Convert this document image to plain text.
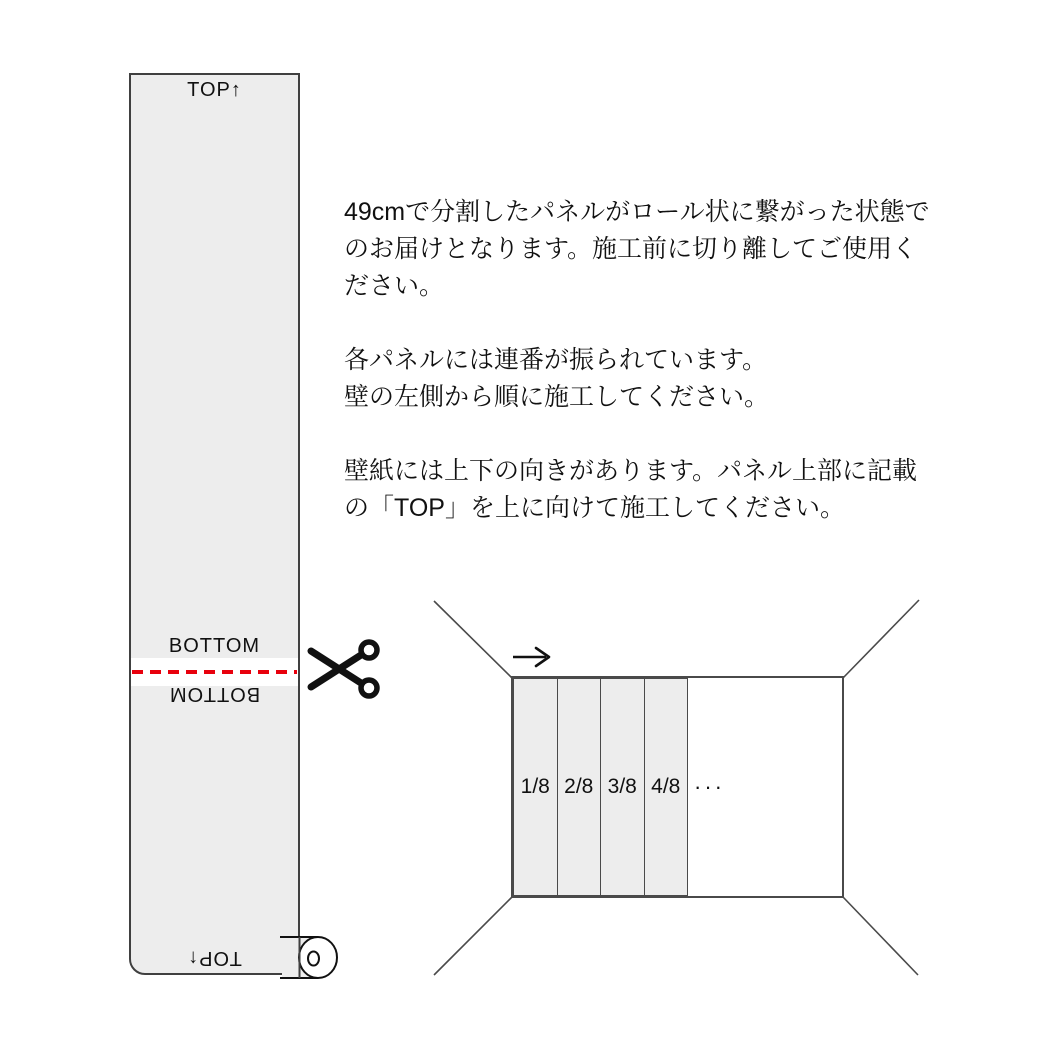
TOP↑
BOTTOM
BOTTOM
TOP↑

49cmで分割したパネルがロール状に繋がった状態でのお届けとなります。施工前に切り離してご使用ください。

各パネルには連番が振られています。
壁の左側から順に施工してください。

壁紙には上下の向きがあります。パネル上部に記載の「TOP」を上に向けて施工してください。

1/8 2/8 3/8 4/8 ···
